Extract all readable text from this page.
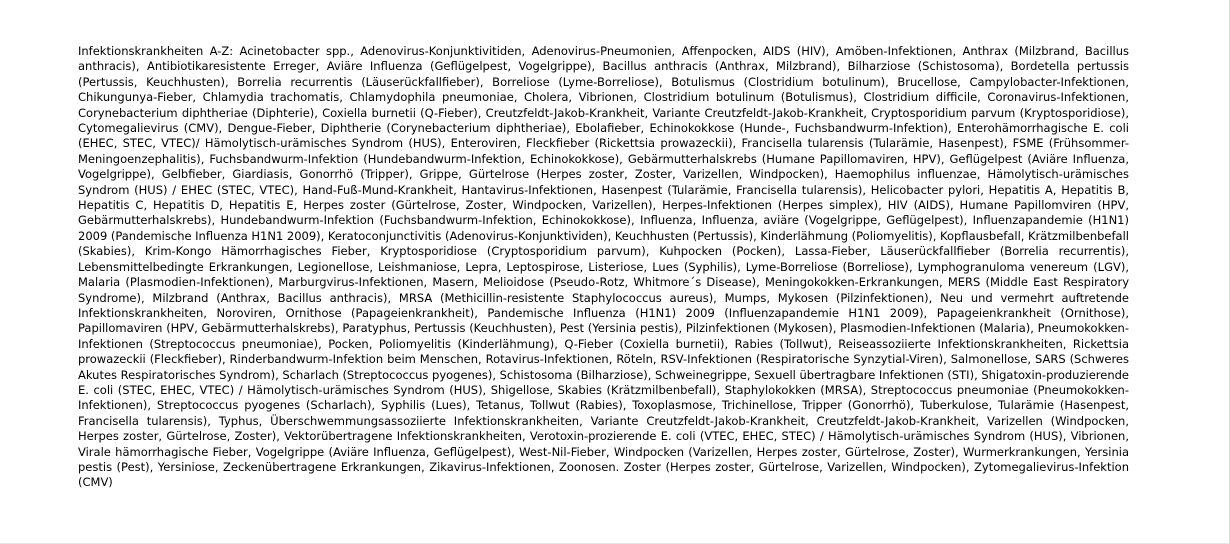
Infektionskrankheiten A-Z: Acinetobacter spp., Adenovirus-Konjunktivitiden, Adenovirus-Pneumonien, Affenpocken, AIDS (HIV), Amöben-Infektionen, Anthrax (Milzbrand, Bacillus anthracis), Antibiotikaresistente Erreger, Aviäre Influenza (Geflügelpest, Vogelgrippe), Bacillus anthracis (Anthrax, Milzbrand), Bilharziose (Schistosoma), Bordetella pertussis (Pertussis, Keuchhusten), Borrelia recurrentis (Läuserückfallfieber), Borreliose (Lyme-Borreliose), Botulismus (Clostridium botulinum), Brucellose, Campylobacter-Infektionen, Chikungunya-Fieber, Chlamydia trachomatis, Chlamydophila pneumoniae, Cholera, Vibrionen, Clostridium botulinum (Botulismus), Clostridium difficile, Coronavirus-Infektionen, Corynebacterium diphtheriae (Diphterie), Coxiella burnetii (Q-Fieber), Creutzfeldt-Jakob-Krankheit, Variante Creutzfeldt-Jakob-Krankheit, Cryptosporidium parvum (Kryptosporidiose), Cytomegalievirus (CMV), Dengue-Fieber, Diphtherie (Corynebacterium diphtheriae), Ebolafieber, Echinokokkose (Hunde-, Fuchsbandwurm-Infektion), Enterohämorrhagische E. coli (EHEC, STEC, VTEC)/ Hämolytisch-urämisches Syndrom (HUS), Enteroviren, Fleckfieber (Rickettsia prowazeckii), Francisella tularensis (Tularämie, Hasenpest), FSME (Frühsommer-Meningoenzephalitis), Fuchsbandwurm-Infektion (Hundebandwurm-Infektion, Echinokokkose), Gebärmutterhalskrebs (Humane Papillomaviren, HPV), Geflügelpest (Aviäre Influenza, Vogelgrippe), Gelbfieber, Giardiasis, Gonorrhö (Tripper), Grippe, Gürtelrose (Herpes zoster, Zoster, Varizellen, Windpocken), Haemophilus influenzae, Hämolytisch-urämisches Syndrom (HUS) / EHEC (STEC, VTEC), Hand-Fuß-Mund-Krankheit, Hantavirus-Infektionen, Hasenpest (Tularämie, Francisella tularensis), Helicobacter pylori, Hepatitis A, Hepatitis B, Hepatitis C, Hepatitis D, Hepatitis E, Herpes zoster (Gürtelrose, Zoster, Windpocken, Varizellen), Herpes-Infektionen (Herpes simplex), HIV (AIDS), Humane Papillomviren (HPV, Gebärmutterhalskrebs), Hundebandwurm-Infektion (Fuchsbandwurm-Infektion, Echinokokkose), Influenza, Influenza, aviäre (Vogelgrippe, Geflügelpest), Influenzapandemie (H1N1) 2009 (Pandemische Influenza H1N1 2009), Keratoconjunctivitis (Adenovirus-Konjunktividen), Keuchhusten (Pertussis), Kinderlähmung (Poliomyelitis), Kopflausbefall, Krätzmilbenbefall (Skabies), Krim-Kongo Hämorrhagisches Fieber, Kryptosporidiose (Cryptosporidium parvum), Kuhpocken (Pocken), Lassa-Fieber, Läuserückfallfieber (Borrelia recurrentis), Lebensmittelbedingte Erkrankungen, Legionellose, Leishmaniose, Lepra, Leptospirose, Listeriose, Lues (Syphilis), Lyme-Borreliose (Borreliose), Lymphogranuloma venereum (LGV), Malaria (Plasmodien-Infektionen), Marburgvirus-Infektionen, Masern, Melioidose (Pseudo-Rotz, Whitmore´s Disease), Meningokokken-Erkrankungen, MERS (Middle East Respiratory Syndrome), Milzbrand (Anthrax, Bacillus anthracis), MRSA (Methicillin-resistente Staphylococcus aureus), Mumps, Mykosen (Pilzinfektionen), Neu und vermehrt auftretende Infektionskrankheiten, Noroviren, Ornithose (Papageienkrankheit), Pandemische Influenza (H1N1) 2009 (Influenzapandemie H1N1 2009), Papageienkrankheit (Ornithose), Papillomaviren (HPV, Gebärmutterhalskrebs), Paratyphus, Pertussis (Keuchhusten), Pest (Yersinia pestis), Pilzinfektionen (Mykosen), Plasmodien-Infektionen (Malaria), Pneumokokken-Infektionen (Streptococcus pneumoniae), Pocken, Poliomyelitis (Kinderlähmung), Q-Fieber (Coxiella burnetii), Rabies (Tollwut), Reiseassoziierte Infektionskrankheiten, Rickettsia prowazeckii (Fleckfieber), Rinderbandwurm-Infektion beim Menschen, Rotavirus-Infektionen, Röteln, RSV-Infektionen (Respiratorische Synzytial-Viren), Salmonellose, SARS (Schweres Akutes Respiratorisches Syndrom), Scharlach (Streptococcus pyogenes), Schistosoma (Bilharziose), Schweinegrippe, Sexuell übertragbare Infektionen (STI), Shigatoxin-produzierende E. coli (STEC, EHEC, VTEC) / Hämolytisch-urämisches Syndrom (HUS), Shigellose, Skabies (Krätzmilbenbefall), Staphylokokken (MRSA), Streptococcus pneumoniae (Pneumokokken-Infektionen), Streptococcus pyogenes (Scharlach), Syphilis (Lues), Tetanus, Tollwut (Rabies), Toxoplasmose, Trichinellose, Tripper (Gonorrhö), Tuberkulose, Tularämie (Hasenpest, Francisella tularensis), Typhus, Überschwemmungsassoziierte Infektionskrankheiten, Variante Creutzfeldt-Jakob-Krankheit, Creutzfeldt-Jakob-Krankheit, Varizellen (Windpocken, Herpes zoster, Gürtelrose, Zoster), Vektorübertragene Infektionskrankheiten, Verotoxin-prozierende E. coli (VTEC, EHEC, STEC) / Hämolytisch-urämisches Syndrom (HUS), Vibrionen, Virale hämorrhagische Fieber, Vogelgrippe (Aviäre Influenza, Geflügelpest), West-Nil-Fieber, Windpocken (Varizellen, Herpes zoster, Gürtelrose, Zoster), Wurmerkrankungen, Yersinia pestis (Pest), Yersiniose, Zeckenübertragene Erkrankungen, Zikavirus-Infektionen, Zoonosen. Zoster (Herpes zoster, Gürtelrose, Varizellen, Windpocken), Zytomegalievirus-Infektion (CMV)
